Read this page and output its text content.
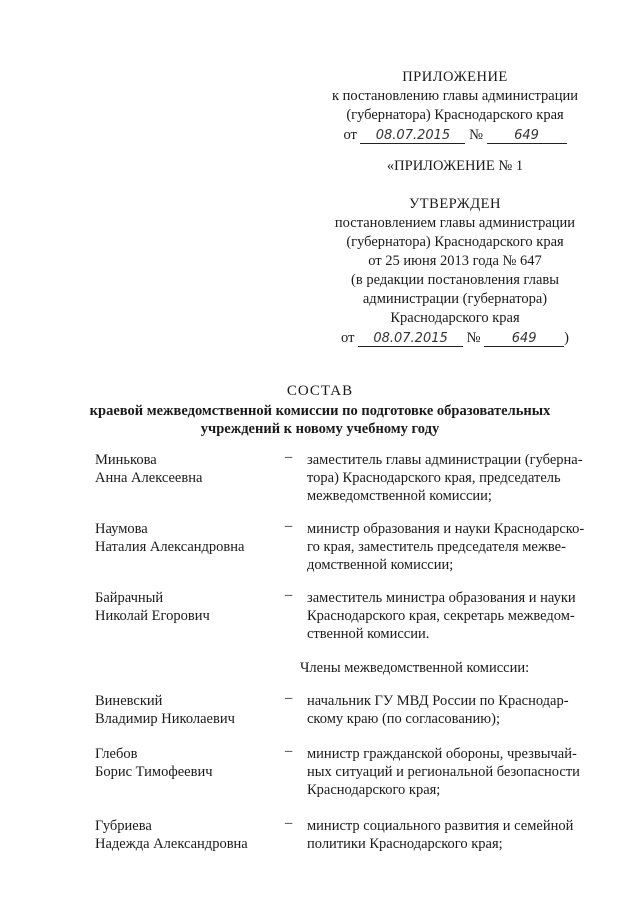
ПРИЛОЖЕНИЕ
к постановлению главы администрации
(губернатора) Краснодарского края
от 08.07.2015 № 649
«ПРИЛОЖЕНИЕ № 1
УТВЕРЖДЕН
постановлением главы администрации
(губернатора) Краснодарского края
от 25 июня 2013 года № 647
(в редакции постановления главы
администрации (губернатора)
Краснодарского края
от 08.07.2015 № 649 )
СОСТАВ
краевой межведомственной комиссии по подготовке образовательных
учреждений к новому учебному году
Минькова
Анна Алексеевна
– заместитель главы администрации (губерна-
тора) Краснодарского края, председатель
межведомственной комиссии;
Наумова
Наталия Александровна
– министр образования и науки Краснодарско-
го края, заместитель председателя межве-
домственной комиссии;
Байрачный
Николай Егорович
– заместитель министра образования и науки
Краснодарского края, секретарь межведом-
ственной комиссии.
Члены межведомственной комиссии:
Виневский
Владимир Николаевич
– начальник ГУ МВД России по Краснодар-
скому краю (по согласованию);
Глебов
Борис Тимофеевич
– министр гражданской обороны, чрезвычай-
ных ситуаций и региональной безопасности
Краснодарского края;
Губриева
Надежда Александровна
– министр социального развития и семейной
политики Краснодарского края;
